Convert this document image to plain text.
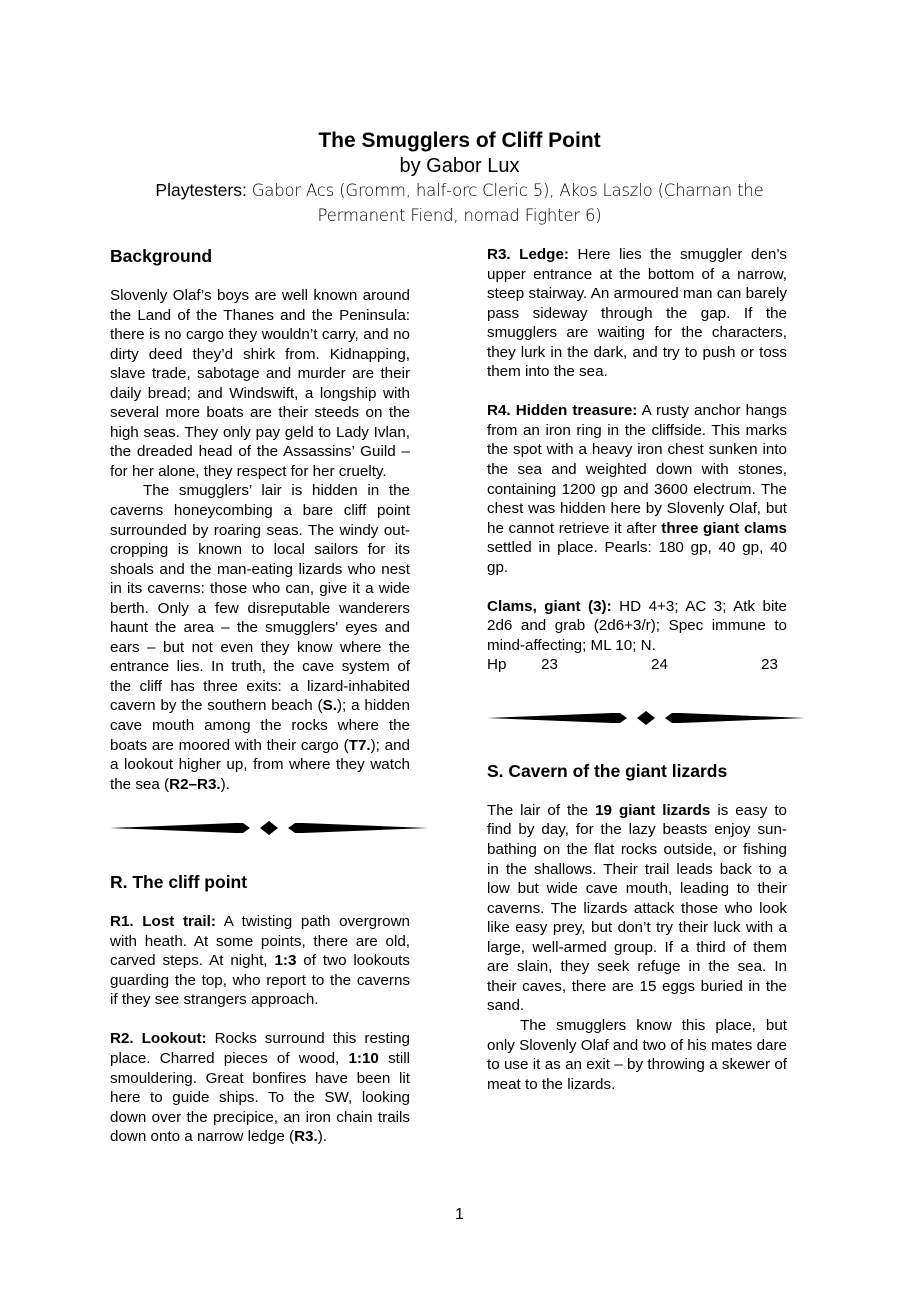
The Smugglers of Cliff Point
by Gabor Lux
Playtesters: Gabor Acs (Gromm, half-orc Cleric 5), Akos Laszlo (Charnan the Permanent Fiend, nomad Fighter 6)
Background

Slovenly Olaf’s boys are well known around the Land of the Thanes and the Peninsula: there is no cargo they wouldn’t carry, and no dirty deed they’d shirk from. Kidnapping, slave trade, sabotage and murder are their daily bread; and Windswift, a longship with several more boats are their steeds on the high seas. They only pay geld to Lady Ivlan, the dreaded head of the Assassins’ Guild – for her alone, they respect for her cruelty.

The smugglers’ lair is hidden in the caverns honeycombing a bare cliff point surrounded by roaring seas. The windy out-cropping is known to local sailors for its shoals and the man-eating lizards who nest in its caverns: those who can, give it a wide berth. Only a few disreputable wanderers haunt the area – the smugglers' eyes and ears – but not even they know where the entrance lies. In truth, the cave system of the cliff has three exits: a lizard-inhabited cavern by the southern beach (S.); a hidden cave mouth among the rocks where the boats are moored with their cargo (T7.); and a lookout higher up, from where they watch the sea (R2–R3.).

R. The cliff point

R1. Lost trail: A twisting path overgrown with heath. At some points, there are old, carved steps. At night, 1:3 of two lookouts guarding the top, who report to the caverns if they see strangers approach.

R2. Lookout: Rocks surround this resting place. Charred pieces of wood, 1:10 still smouldering. Great bonfires have been lit here to guide ships. To the SW, looking down over the precipice, an iron chain trails down onto a narrow ledge (R3.).

R3. Ledge: Here lies the smuggler den’s upper entrance at the bottom of a narrow, steep stairway. An armoured man can barely pass sideway through the gap. If the smugglers are waiting for the characters, they lurk in the dark, and try to push or toss them into the sea.

R4. Hidden treasure: A rusty anchor hangs from an iron ring in the cliffside. This marks the spot with a heavy iron chest sunken into the sea and weighted down with stones, containing 1200 gp and 3600 electrum. The chest was hidden here by Slovenly Olaf, but he cannot retrieve it after three giant clams settled in place. Pearls: 180 gp, 40 gp, 40 gp.

Clams, giant (3): HD 4+3; AC 3; Atk bite 2d6 and grab (2d6+3/r); Spec immune to mind-affecting; ML 10; N.

Hp	23	24	23
S. Cavern of the giant lizards

The lair of the 19 giant lizards is easy to find by day, for the lazy beasts enjoy sun-bathing on the flat rocks outside, or fishing in the shallows. Their trail leads back to a low but wide cave mouth, leading to their caverns. The lizards attack those who look like easy prey, but don’t try their luck with a large, well-armed group. If a third of them are slain, they seek refuge in the sea. In their caves, there are 15 eggs buried in the sand.

The smugglers know this place, but only Slovenly Olaf and two of his mates dare to use it as an exit – by throwing a skewer of meat to the lizards.

1
